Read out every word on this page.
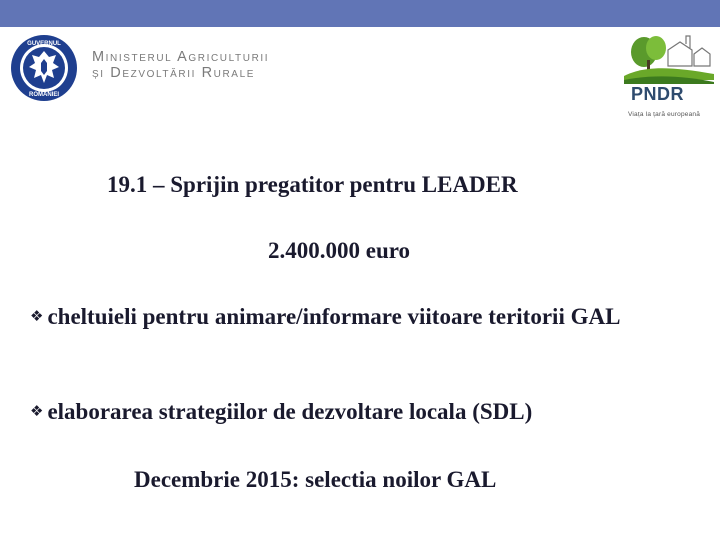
GUVERNUL
ROMÂNIEI
Ministerul Agriculturii
și Dezvoltării Rurale
PNDR
Viața la țară europeană
19.1 – Sprijin pregatitor pentru LEADER
2.400.000 euro
❖ cheltuieli pentru animare/informare viitoare teritorii GAL
❖ elaborarea strategiilor de dezvoltare locala (SDL)
Decembrie 2015: selectia noilor GAL
